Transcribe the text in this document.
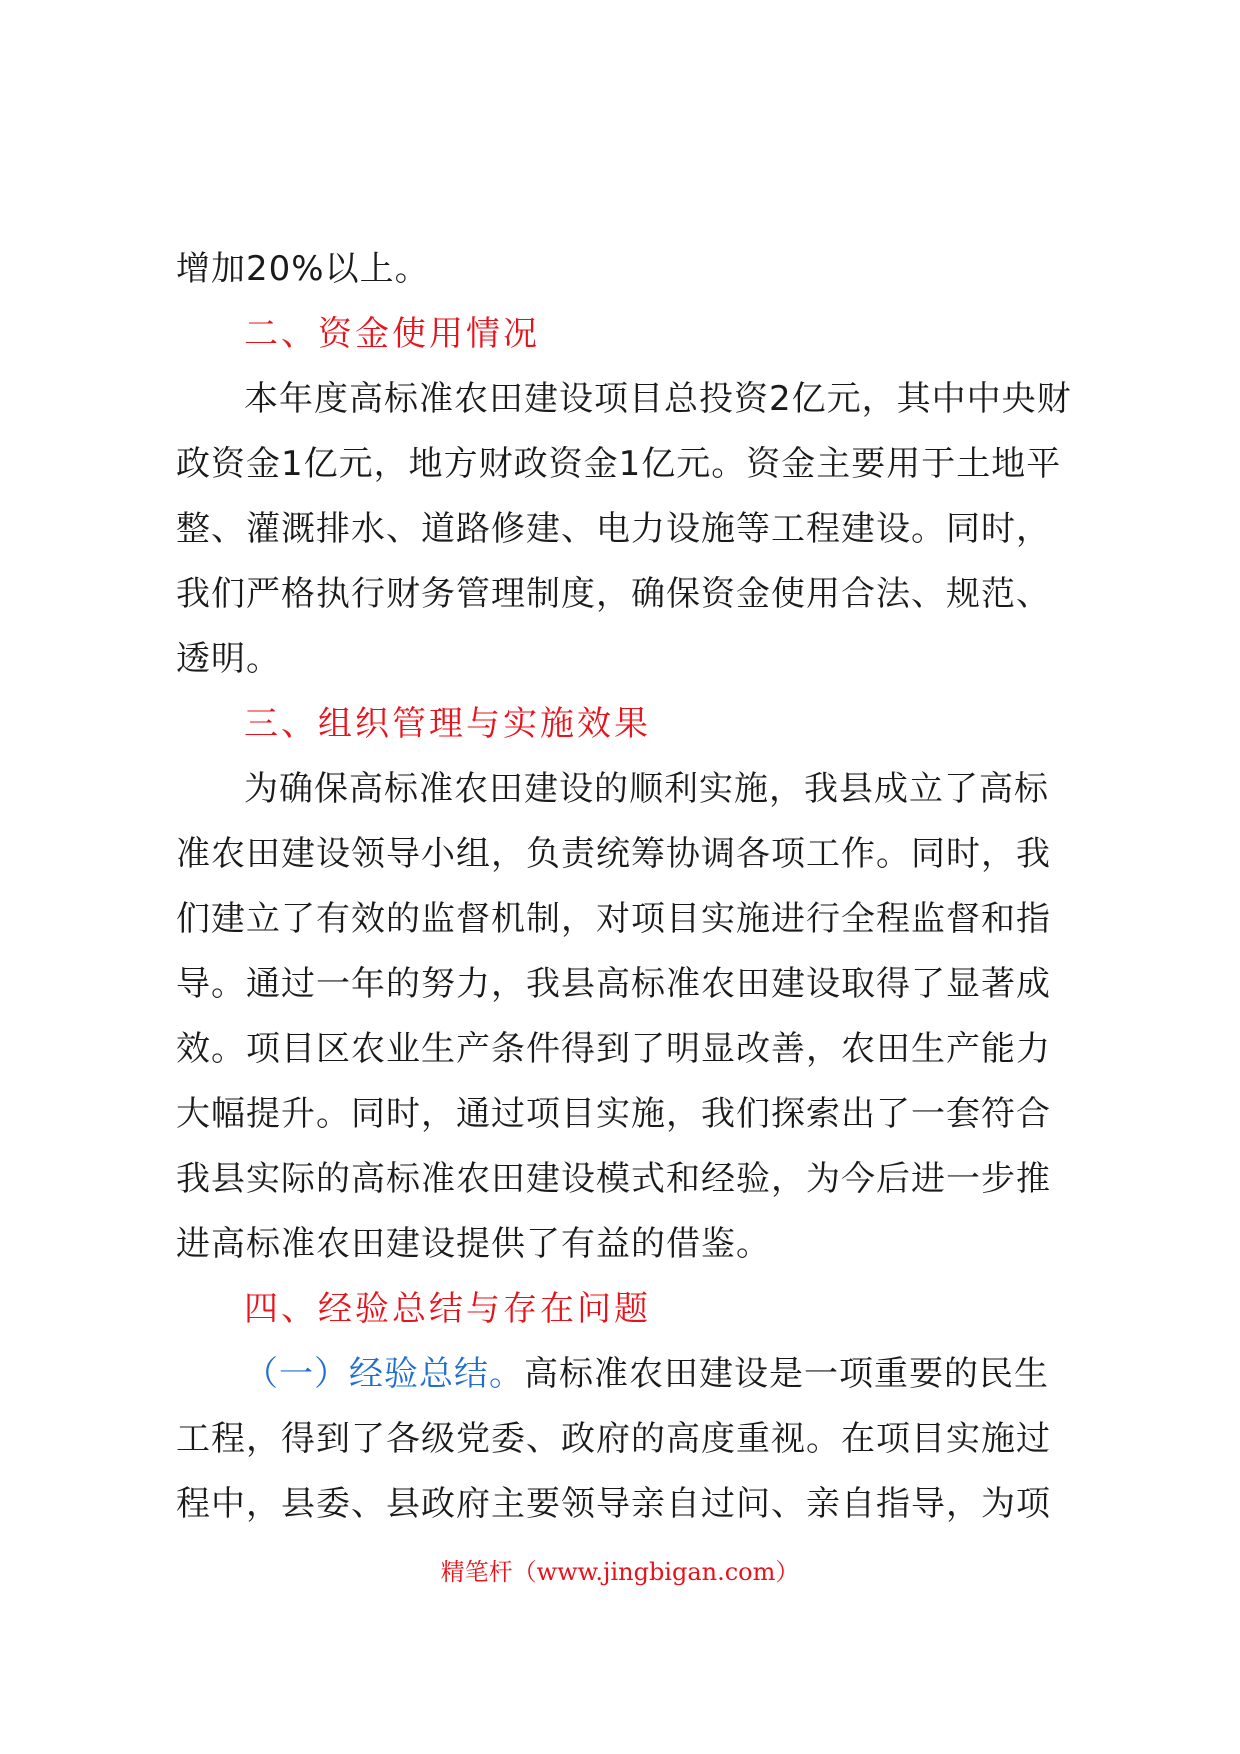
增加20%以上。
二、资金使用情况
本年度高标准农田建设项目总投资2亿元，其中中央财
政资金1亿元，地方财政资金1亿元。资金主要用于土地平
整、灌溉排水、道路修建、电力设施等工程建设。同时，
我们严格执行财务管理制度，确保资金使用合法、规范、
透明。
三、组织管理与实施效果
为确保高标准农田建设的顺利实施，我县成立了高标
准农田建设领导小组，负责统筹协调各项工作。同时，我
们建立了有效的监督机制，对项目实施进行全程监督和指
导。通过一年的努力，我县高标准农田建设取得了显著成
效。项目区农业生产条件得到了明显改善，农田生产能力
大幅提升。同时，通过项目实施，我们探索出了一套符合
我县实际的高标准农田建设模式和经验，为今后进一步推
进高标准农田建设提供了有益的借鉴。
四、经验总结与存在问题
（一）经验总结。高标准农田建设是一项重要的民生
工程，得到了各级党委、政府的高度重视。在项目实施过
程中，县委、县政府主要领导亲自过问、亲自指导，为项
精笔杆（www.jingbigan.com）
